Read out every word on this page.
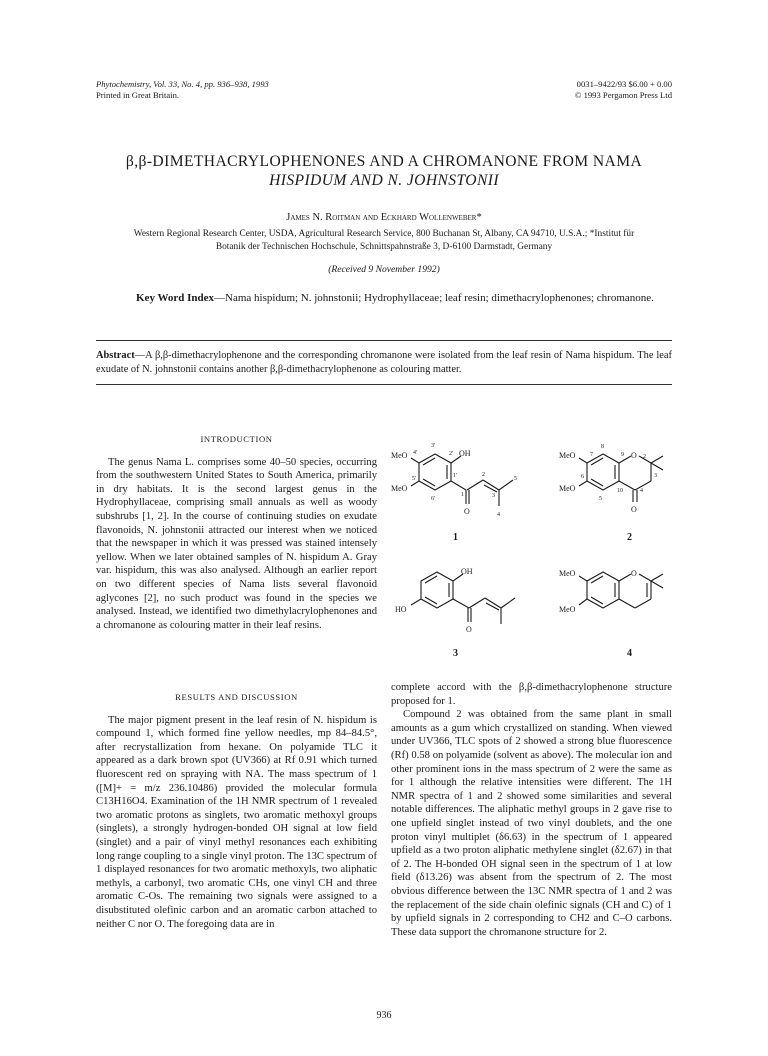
Phytochemistry, Vol. 33, No. 4, pp. 936–938, 1993
Printed in Great Britain.
0031–9422/93 $6.00 + 0.00
© 1993 Pergamon Press Ltd
β,β-DIMETHACRYLOPHENONES AND A CHROMANONE FROM NAMA
HISPIDUM AND N. JOHNSTONII
James N. Roitman and Eckhard Wollenweber*
Western Regional Research Center, USDA, Agricultural Research Service, 800 Buchanan St, Albany, CA 94710, U.S.A.; *Institut für
Botanik der Technischen Hochschule, Schnittspahnstraße 3, D-6100 Darmstadt, Germany
(Received 9 November 1992)
Key Word Index—Nama hispidum; N. johnstonii; Hydrophyllaceae; leaf resin; dimethacrylophenones; chromanone.
Abstract—A β,β-dimethacrylophenone and the corresponding chromanone were isolated from the leaf resin of Nama hispidum. The leaf exudate of N. johnstonii contains another β,β-dimethacrylophenone as colouring matter.
INTRODUCTION

The genus Nama L. comprises some 40–50 species, occurring from the southwestern United States to South America, primarily in dry habitats. It is the second largest genus in the Hydrophyllaceae, comprising small annuals as well as woody subshrubs [1, 2]. In the course of continuing studies on exudate flavonoids, N. johnstonii attracted our interest when we noticed that the newspaper in which it was pressed was stained intensely yellow. When we later obtained samples of N. hispidum A. Gray var. hispidum, this was also analysed. Although an earlier report on two different species of Nama lists several flavonoid aglycones [2], no such product was found in the species we analysed. Instead, we identified two dimethylacrylophenones and a chromanone as colouring matter in their leaf resins.

RESULTS AND DISCUSSION

The major pigment present in the leaf resin of N. hispidum is compound 1, which formed fine yellow needles, mp 84–84.5°, after recrystallization from hexane. On polyamide TLC it appeared as a dark brown spot (UV366) at Rf 0.91 which turned fluorescent red on spraying with NA. The mass spectrum of 1 ([M]+ = m/z 236.10486) provided the molecular formula C13H16O4. Examination of the 1H NMR spectrum of 1 revealed two aromatic protons as singlets, two aromatic methoxyl groups (singlets), a strongly hydrogen-bonded OH signal at low field (singlet) and a pair of vinyl methyl resonances each exhibiting long range coupling to a single vinyl proton. The 13C spectrum of 1 displayed resonances for two aromatic methoxyls, two aliphatic methyls, a carbonyl, two aromatic CHs, one vinyl CH and three aromatic C-Os. The remaining two signals were assigned to a disubstituted olefinic carbon and an aromatic carbon attached to neither C nor O. The foregoing data are in

MeO	OH
MeO
O
4'
3'
2'
1'
5'
6'
1
2
3
4
5
MeO	O
MeO
O
7
8
9	2
6
5
10	4
3
OH
HO
O
MeO	O
MeO
1	2
3	4

complete accord with the β,β-dimethacrylophenone structure proposed for 1.

Compound 2 was obtained from the same plant in small amounts as a gum which crystallized on standing. When viewed under UV366, TLC spots of 2 showed a strong blue fluorescence (Rf) 0.58 on polyamide (solvent as above). The molecular ion and other prominent ions in the mass spectrum of 2 were the same as for 1 although the relative intensities were different. The 1H NMR spectra of 1 and 2 showed some similarities and several notable differences. The aliphatic methyl groups in 2 gave rise to one upfield singlet instead of two vinyl doublets, and the one proton vinyl multiplet (δ6.63) in the spectrum of 1 appeared upfield as a two proton aliphatic methylene singlet (δ2.67) in that of 2. The H-bonded OH signal seen in the spectrum of 1 at low field (δ13.26) was absent from the spectrum of 2. The most obvious difference between the 13C NMR spectra of 1 and 2 was the replacement of the side chain olefinic signals (CH and C) of 1 by upfield signals in 2 corresponding to CH2 and C–O carbons. These data support the chromanone structure for 2.

936
